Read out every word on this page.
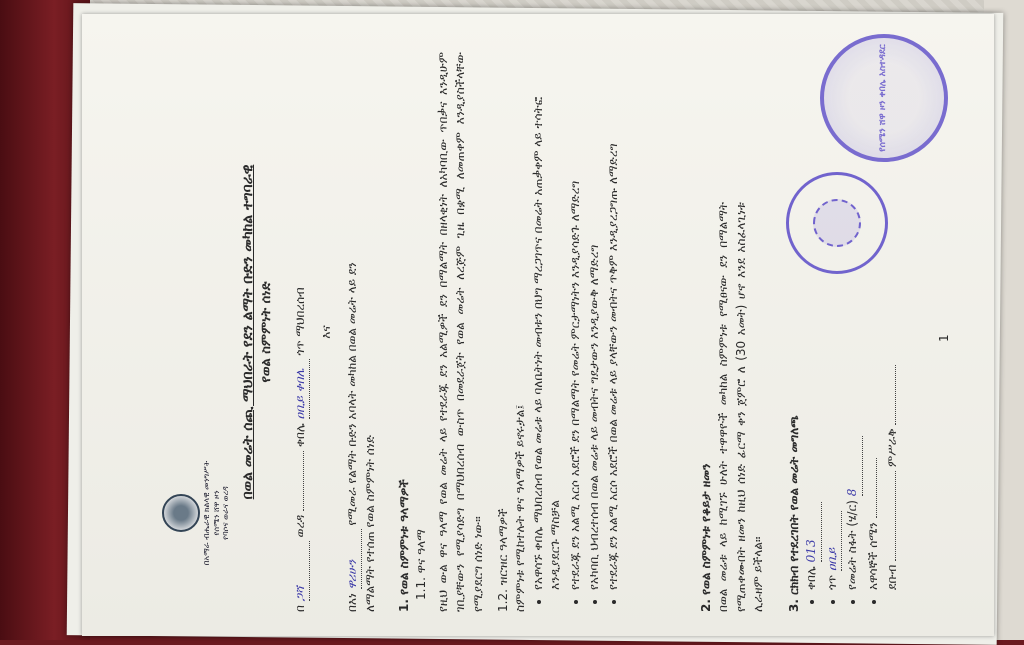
በአማራ ብሔራዊ ክልላዊ መንግሥት የሰሜን ሸዋ ዞን የባሶና ወራና ወረዳ
በወል መሬት ሰጪ ማህበራት የደን ልማት ቡድን መካከል ተግባራዊ የወል ስምምነት ሰነድ
በ ጋሻ ወረዳ  ቀበሌ ዐቢይ ቀበሌ ጎጥ ማህበረሰብ እና
በእነ ዋሪሁን የሚመራ የልማት ቡድን አባላት መካከል በወል መሬት ላይ ደን ለማልማት የተሰጠ የወል ስምምነት ሰነድ 1. የወል ስምምነቱ ዓላማዎች 1.1. ዋና ዓላማ የዚህ ውል ዋና ዓላማ የወል መሬት ላይ የተደራጁ ደን አልሚዎች ደን በማልማት በዘላቂነት ለአካባቢው ጥበቃና እንዲሁም ገቢያቸውን የሚያሳድግ በማህበረሰብ ውስጥ በመደራጀት የወል መሬት ለረጅም ጊዜ በቋሚ ለመጠቀም እንዲያስችላቸው የሚያደርግ ሰነድ ነው። 1.2. ዝርዝር ዓላማዎች ስምምነቱ የሚከተሉት ዋና ዓላማዎች ይኖሩታል፤ • የአዋሳኙ ቀበሌ ማህበረሰብ የወል መሬቱ ላይ ባለቤትነት መብቱን በህግ ማረጋገጥና በመሬት አጠቃቀም ላይ ተሳትፎ እንዲያደርጉ ማስቻል • የተደራጁ ደን አልሚ አርሶ አደሮች ደን በማልማት የመሬት ምርታማነትን እንዲያሳድጉ ለማድረግ • የአካባቢ ህብረተሰብ በወል መሬቱ ላይ መብትና ግዴታውን እንዲያውቅ ለማድረግ • የተደራጁ ደን አልሚ አርሶ አደሮች በወል መሬቱ ላይ ያላቸውን መብትና ጥቅም እንዲያረጋግጡ ለማድረግ	2. የወል ስምምነቱ የቆይታ ዘመን በወል መሬቱ ላይ ከሚገኙ ሁለት ተዋዋዮች መካከል ስምምነቱ የሚፀናው ደን በማልማት የሚጠቀሙበት ዘመን ከዚህ ሰነድ ፊርማ ቀን ጀምሮ ለ (30 አመት) ሆኖ እንደ አስፈላጊነቱ ሊራዘም ይችላል። 3. ርክክብ የተደረገበት የወል መሬት መግለጫ • ቀበሌ 013
• ጎጥ ዐቢይ • የመሬት ስፋት (ሄ/ር) 8
• አዋሳኞች ሰሜን ደቡብ  ምሥራቅ
የሰሜን ሸዋ ዞን ቀበሌ አስተዳደር
1
